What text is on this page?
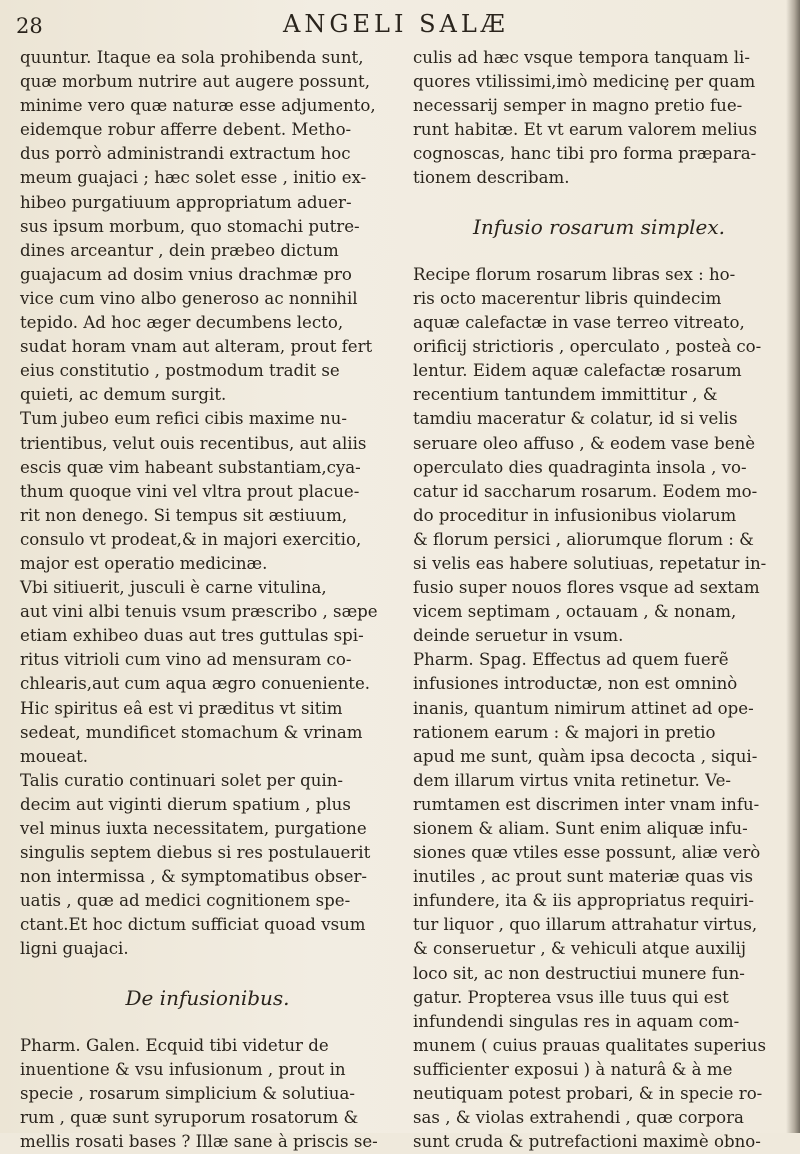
28	ANGELI SALÆ

quuntur. Itaque ea sola prohibenda sunt,

quæ morbum nutrire aut augere possunt,

minime vero quæ naturæ esse adjumento,

eidemque robur afferre debent. Metho-

dus porrò administrandi extractum hoc

meum guajaci ; hæc solet esse , initio ex-

hibeo purgatiuum appropriatum aduer-

sus ipsum morbum, quo stomachi putre-

dines arceantur , dein præbeo dictum

guajacum ad dosim vnius drachmæ pro

vice cum vino albo generoso ac nonnihil

tepido. Ad hoc æger decumbens lecto,

sudat horam vnam aut alteram, prout fert

eius constitutio , postmodum tradit se

quieti, ac demum surgit.

Tum jubeo eum refici cibis maxime nu-

trientibus, velut ouis recentibus, aut aliis

escis quæ vim habeant substantiam,cya-

thum quoque vini vel vltra prout placue-

rit non denego. Si tempus sit æstiuum,

consulo vt prodeat,& in majori exercitio,

major est operatio medicinæ.

Vbi sitiuerit, jusculi è carne vitulina,

aut vini albi tenuis vsum præscribo , sæpe

etiam exhibeo duas aut tres guttulas spi-

ritus vitrioli cum vino ad mensuram co-

chlearis,aut cum aqua ægro conueniente.

Hic spiritus eâ est vi præditus vt sitim

sedeat, mundificet stomachum & vrinam

moueat.

Talis curatio continuari solet per quin-

decim aut viginti dierum spatium , plus

vel minus iuxta necessitatem, purgatione

singulis septem diebus si res postulauerit

non intermissa , & symptomatibus obser-

uatis , quæ ad medici cognitionem spe-

ctant.Et hoc dictum sufficiat quoad vsum

ligni guajaci.

De infusionibus.

Pharm. Galen. Ecquid tibi videtur de

inuentione & vsu infusionum , prout in

specie , rosarum simplicium & solutiua-

rum , quæ sunt syruporum rosatorum &

mellis rosati bases ? Illæ sane à priscis se-

culis ad hæc vsque tempora tanquam li-

quores vtilissimi,imò medicinę per quam

necessarij semper in magno pretio fue-

runt habitæ. Et vt earum valorem melius

cognoscas, hanc tibi pro forma præpara-

tionem describam.

Infusio rosarum simplex.

Recipe florum rosarum libras sex : ho-

ris octo macerentur libris quindecim

aquæ calefactæ in vase terreo vitreato,

orificij strictioris , operculato , posteà co-

lentur. Eidem aquæ calefactæ rosarum

recentium tantundem immittitur , &

tamdiu maceratur & colatur, id si velis

seruare oleo affuso , & eodem vase benè

operculato dies quadraginta insola , vo-

catur id saccharum rosarum. Eodem mo-

do proceditur in infusionibus violarum

& florum persici , aliorumque florum : &

si velis eas habere solutiuas, repetatur in-

fusio super nouos flores vsque ad sextam

vicem septimam , octauam , & nonam,

deinde seruetur in vsum.

Pharm. Spag. Effectus ad quem fuerẽ

infusiones introductæ, non est omninò

inanis, quantum nimirum attinet ad ope-

rationem earum : & majori in pretio

apud me sunt, quàm ipsa decocta , siqui-

dem illarum virtus vnita retinetur. Ve-

rumtamen est discrimen inter vnam infu-

sionem & aliam. Sunt enim aliquæ infu-

siones quæ vtiles esse possunt, aliæ verò

inutiles , ac prout sunt materiæ quas vis

infundere, ita & iis appropriatus requiri-

tur liquor , quo illarum attrahatur virtus,

& conseruetur , & vehiculi atque auxilij

loco sit, ac non destructiui munere fun-

gatur. Propterea vsus ille tuus qui est

infundendi singulas res in aquam com-

munem ( cuius prauas qualitates superius

sufficienter exposui ) à naturâ & à me

neutiquam potest probari, & in specie ro-

sas , & violas extrahendi , quæ corpora

sunt cruda & putrefactioni maximè obno-
